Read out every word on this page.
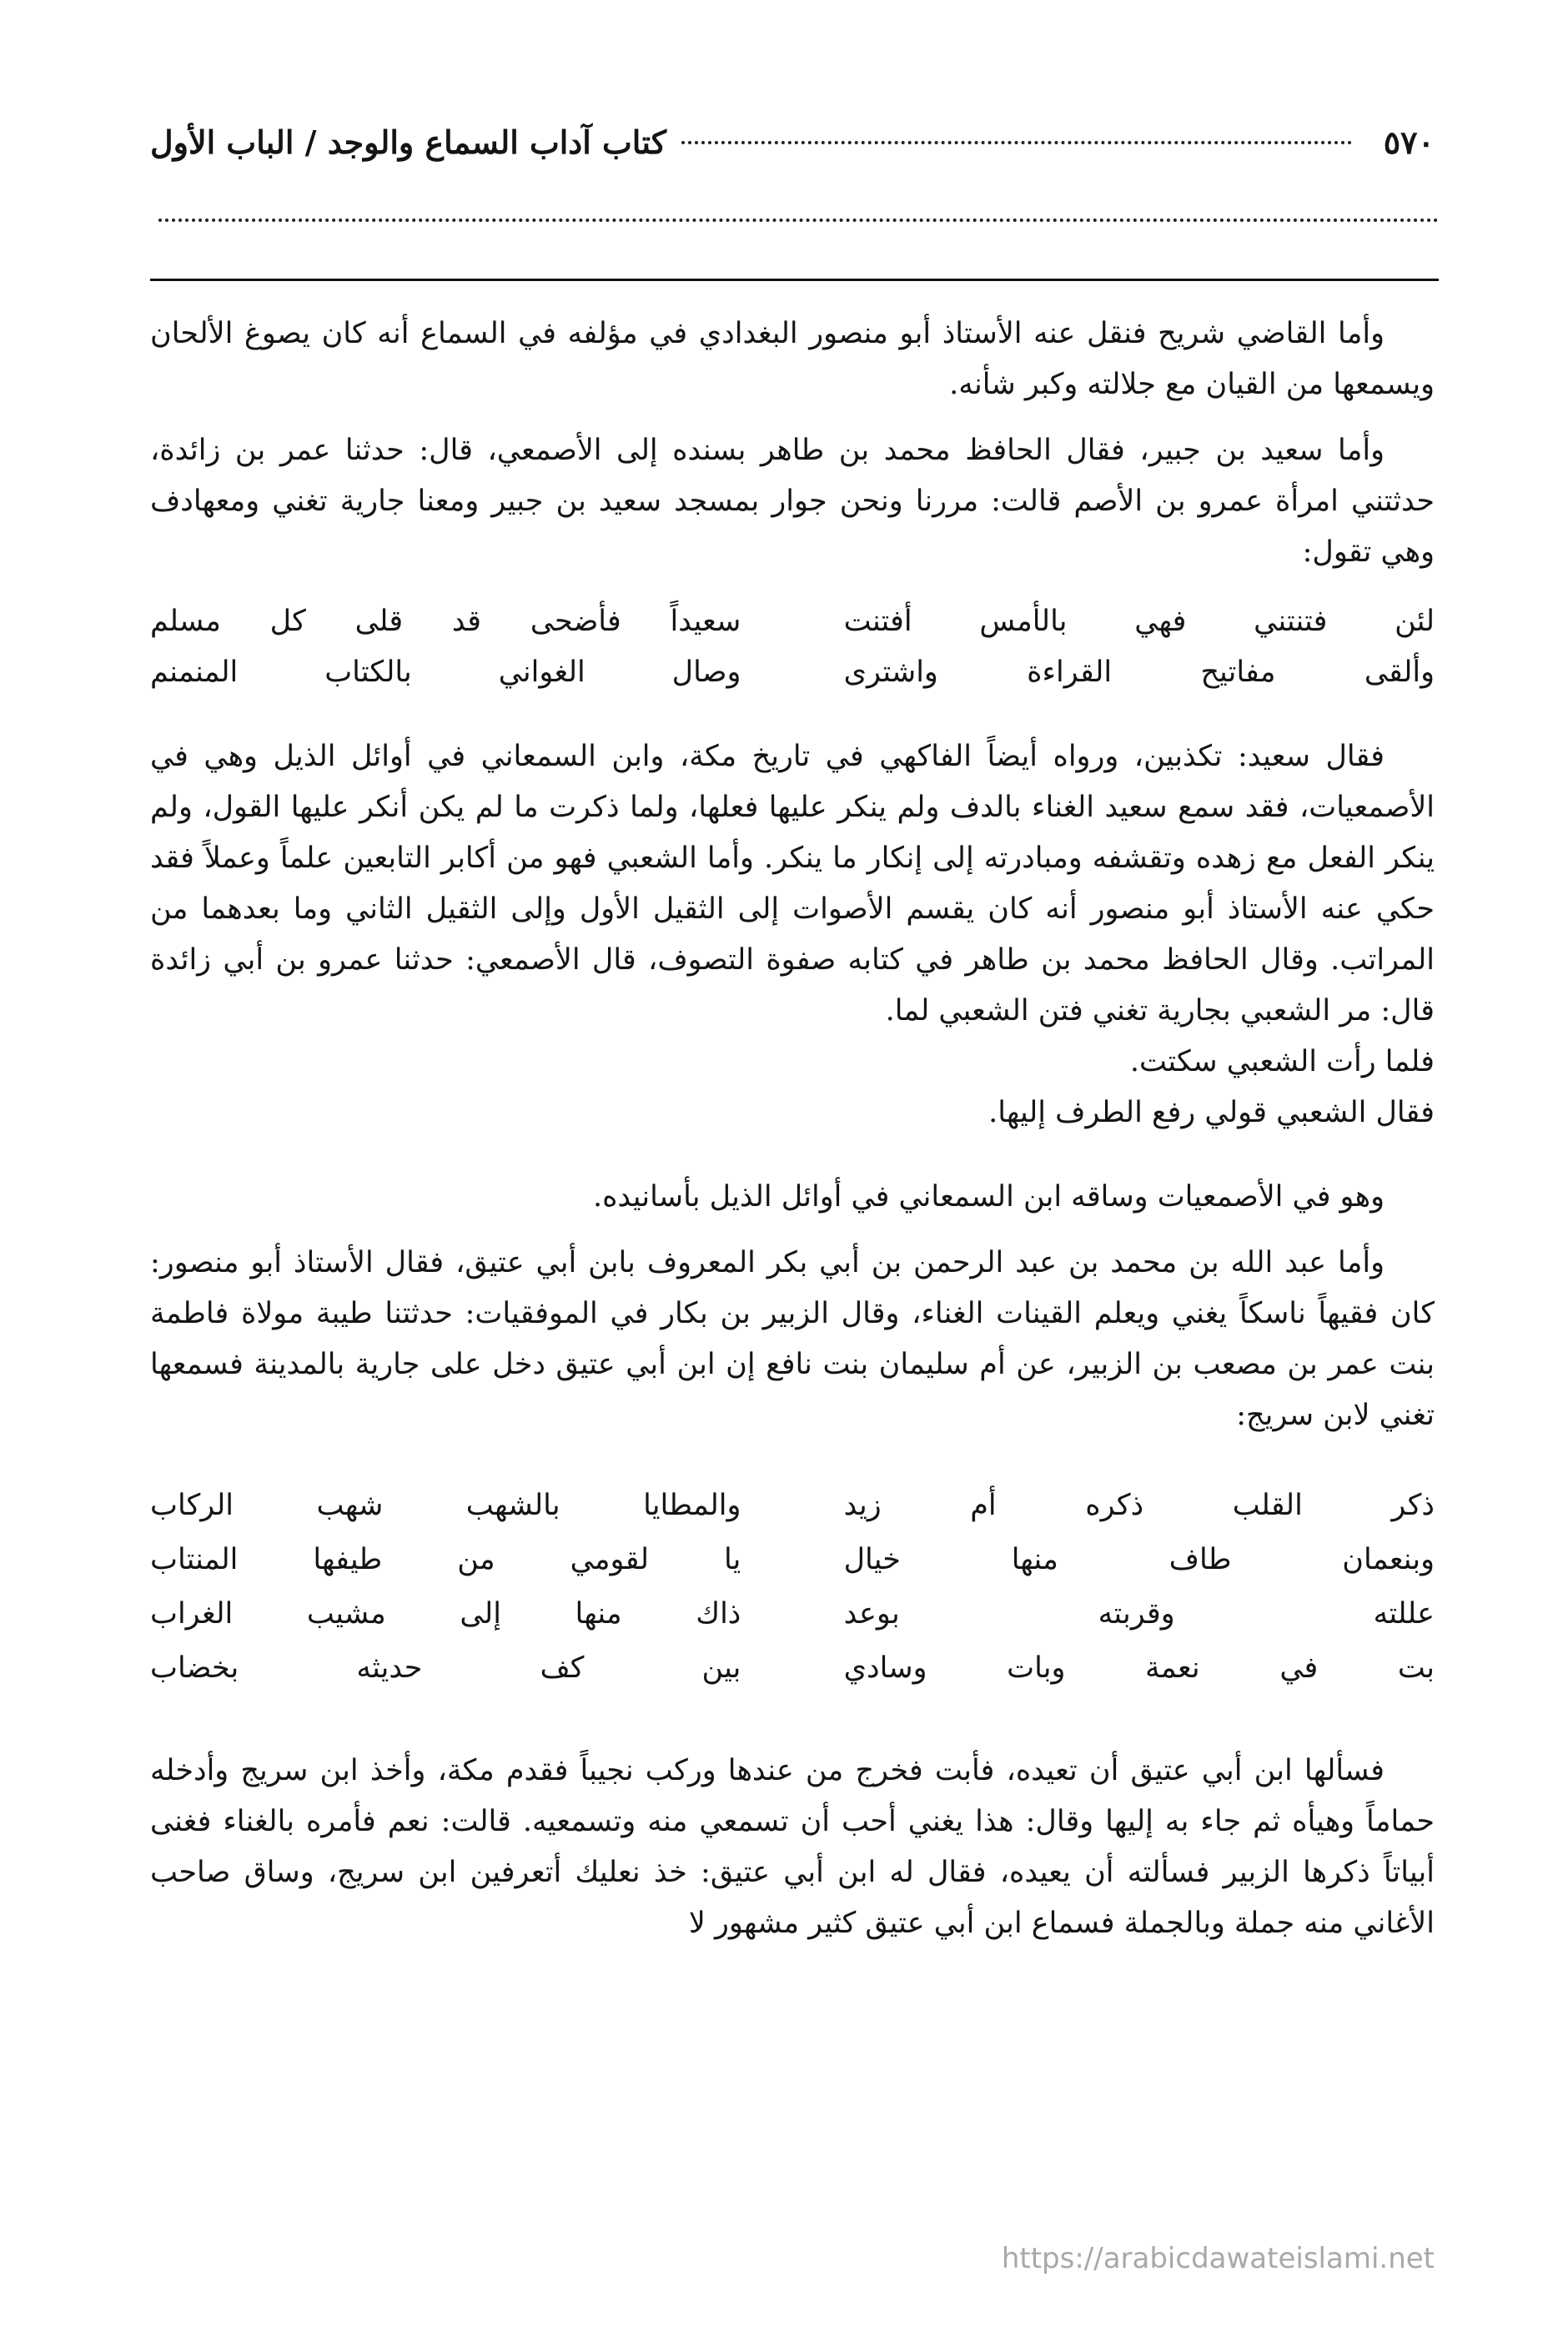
٥٧٠
كتاب آداب السماع والوجد / الباب الأول

وأما القاضي شريح فنقل عنه الأستاذ أبو منصور البغدادي في مؤلفه في السماع أنه كان يصوغ الألحان ويسمعها من القيان مع جلالته وكبر شأنه.

وأما سعيد بن جبير، فقال الحافظ محمد بن طاهر بسنده إلى الأصمعي، قال: حدثنا عمر بن زائدة، حدثتني امرأة عمرو بن الأصم قالت: مررنا ونحن جوار بمسجد سعيد بن جبير ومعنا جارية تغني ومعهادف وهي تقول:

لئن فتنتني فهي بالأمس أفتنت
سعيداً فأضحى قد قلى كل مسلم
وألقى مفاتيح القراءة واشترى
وصال الغواني بالكتاب المنمنم

فقال سعيد: تكذبين، ورواه أيضاً الفاكهي في تاريخ مكة، وابن السمعاني في أوائل الذيل وهي في الأصمعيات، فقد سمع سعيد الغناء بالدف ولم ينكر عليها فعلها، ولما ذكرت ما لم يكن أنكر عليها القول، ولم ينكر الفعل مع زهده وتقشفه ومبادرته إلى إنكار ما ينكر. وأما الشعبي فهو من أكابر التابعين علماً وعملاً فقد حكي عنه الأستاذ أبو منصور أنه كان يقسم الأصوات إلى الثقيل الأول وإلى الثقيل الثاني وما بعدهما من المراتب. وقال الحافظ محمد بن طاهر في كتابه صفوة التصوف، قال الأصمعي: حدثنا عمرو بن أبي زائدة قال: مر الشعبي بجارية تغني فتن الشعبي لما.

فلما رأت الشعبي سكتت.

فقال الشعبي قولي رفع الطرف إليها.

وهو في الأصمعيات وساقه ابن السمعاني في أوائل الذيل بأسانيده.

وأما عبد الله بن محمد بن عبد الرحمن بن أبي بكر المعروف بابن أبي عتيق، فقال الأستاذ أبو منصور: كان فقيهاً ناسكاً يغني ويعلم القينات الغناء، وقال الزبير بن بكار في الموفقيات: حدثتنا طيبة مولاة فاطمة بنت عمر بن مصعب بن الزبير، عن أم سليمان بنت نافع إن ابن أبي عتيق دخل على جارية بالمدينة فسمعها تغني لابن سريج:

ذكر القلب ذكره أم زيد
والمطايا بالشهب شهب الركاب
وبنعمان طاف منها خيال
يا لقومي من طيفها المنتاب
عللته وقربته بوعد
ذاك منها إلى مشيب الغراب
بت في نعمة وبات وسادي
بين كف حديثه بخضاب

فسألها ابن أبي عتيق أن تعيده، فأبت فخرج من عندها وركب نجيباً فقدم مكة، وأخذ ابن سريج وأدخله حماماً وهيأه ثم جاء به إليها وقال: هذا يغني أحب أن تسمعي منه وتسمعيه. قالت: نعم فأمره بالغناء فغنى أبياتاً ذكرها الزبير فسألته أن يعيده، فقال له ابن أبي عتيق: خذ نعليك أتعرفين ابن سريج، وساق صاحب الأغاني منه جملة وبالجملة فسماع ابن أبي عتيق كثير مشهور لا

https://arabicdawateislami.net
